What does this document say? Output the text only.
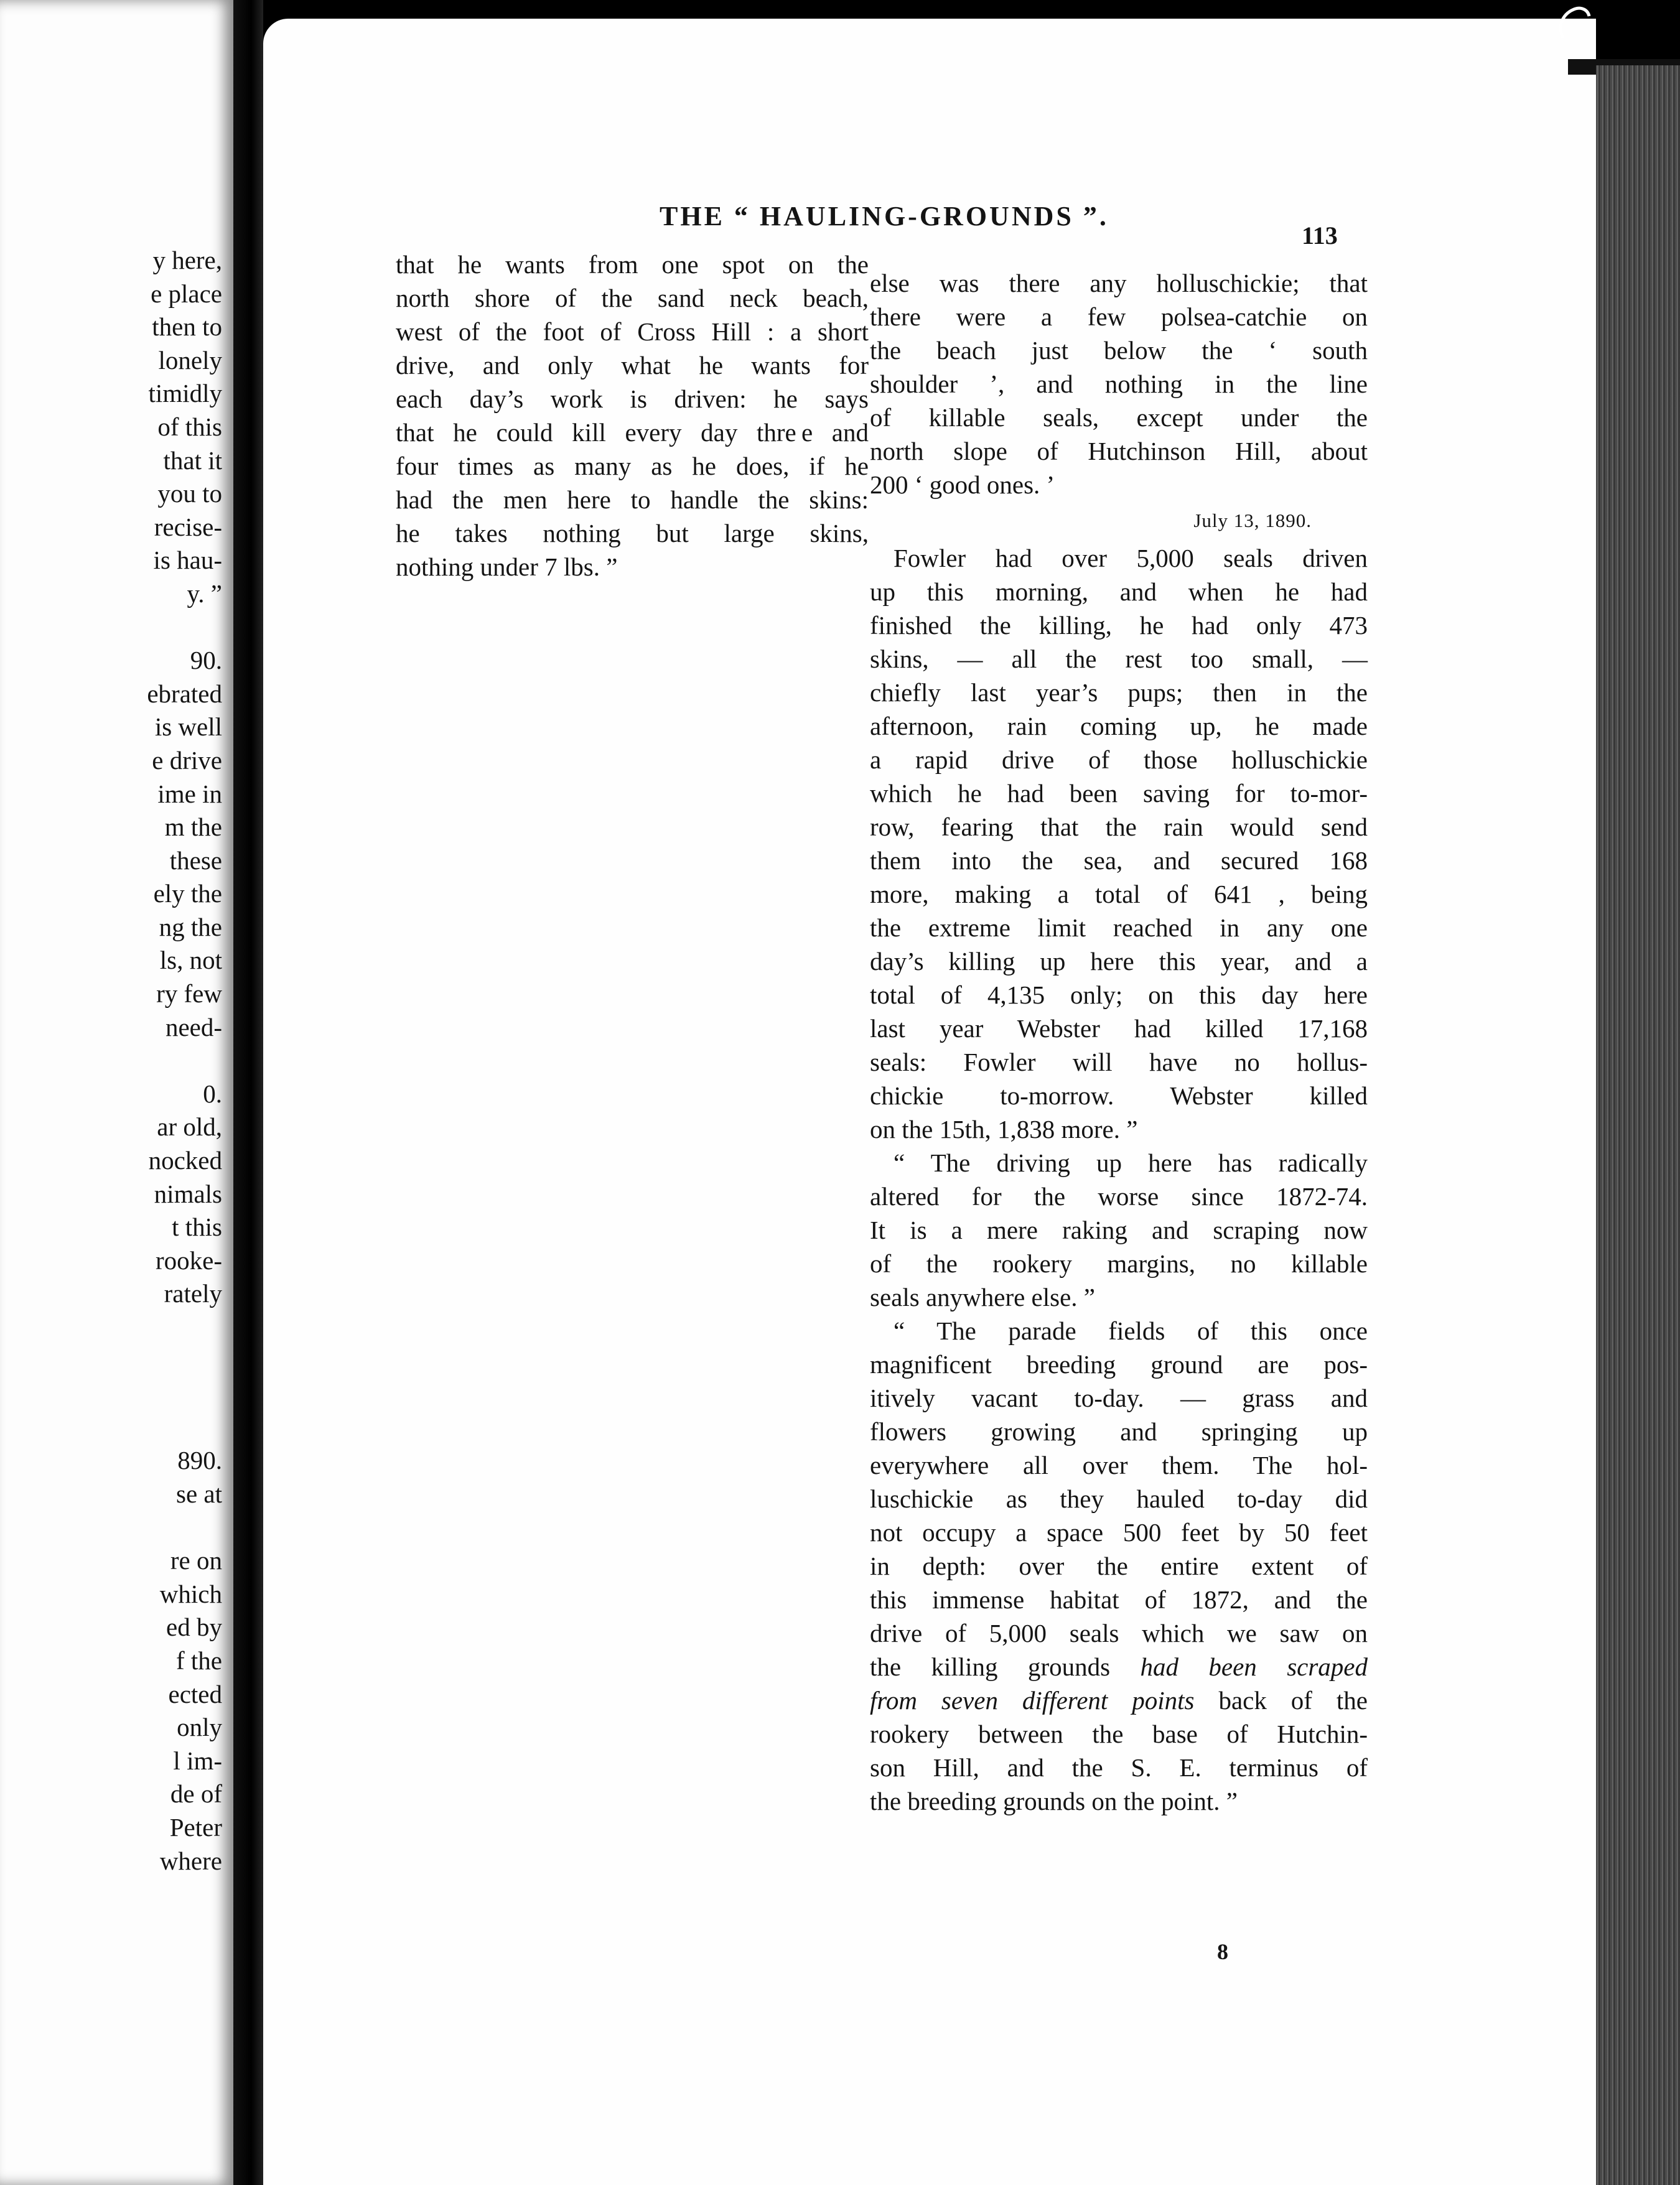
y here,
e place
then to
lonely
timidly
of this
that it
you to
recise-
is hau-
y. ”

90.
ebrated
is well
e drive
ime in
m the
these
ely the
ng the
ls, not
ry few
need-

0.
ar old,
nocked
nimals
t this
rooke-
rately

890.
se at

re on
which
ed by
f the
ected
only
l im-
de of
Peter
where
THE “ HAULING-GROUNDS ”.
113
that he wants from one spot on the
north shore of the sand neck beach,
west of the foot of Cross Hill : a short
drive, and only what he wants for
each day’s work is driven: he says
that he could kill every day thre e and
four times as many as he does, if he
had the men here to handle the skins:
he takes nothing but large skins,
nothing under 7 lbs. ”
else was there any holluschickie; that
there were a few polsea-catchie on
the beach just below the ‘ south
shoulder ’, and nothing in the line
of killable seals, except under the
north slope of Hutchinson Hill, about
200 ‘ good ones. ’
July 13, 1890.
Fowler had over 5,000 seals driven
up this morning, and when he had
finished the killing, he had only 473
skins, — all the rest too small, —
chiefly last year’s pups; then in the
afternoon, rain coming up, he made
a rapid drive of those holluschickie
which he had been saving for to-mor-
row, fearing that the rain would send
them into the sea, and secured 168
more, making a total of 641 , being
the extreme limit reached in any one
day’s killing up here this year, and a
total of 4,135 only; on this day here
last year Webster had killed 17,168
seals: Fowler will have no hollus-
chickie to-morrow. Webster killed
on the 15th, 1,838 more. ”
“ The driving up here has radically
altered for the worse since 1872-74.
It is a mere raking and scraping now
of the rookery margins, no killable
seals anywhere else. ”
“ The parade fields of this once
magnificent breeding ground are pos-
itively vacant to-day. — grass and
flowers growing and springing up
everywhere all over them. The hol-
luschickie as they hauled to-day did
not occupy a space 500 feet by 50 feet
in depth: over the entire extent of
this immense habitat of 1872, and the
drive of 5,000 seals which we saw on
the killing grounds had been scraped
from seven different points back of the
rookery between the base of Hutchin-
son Hill, and the S. E. terminus of
the breeding grounds on the point. ”
8
